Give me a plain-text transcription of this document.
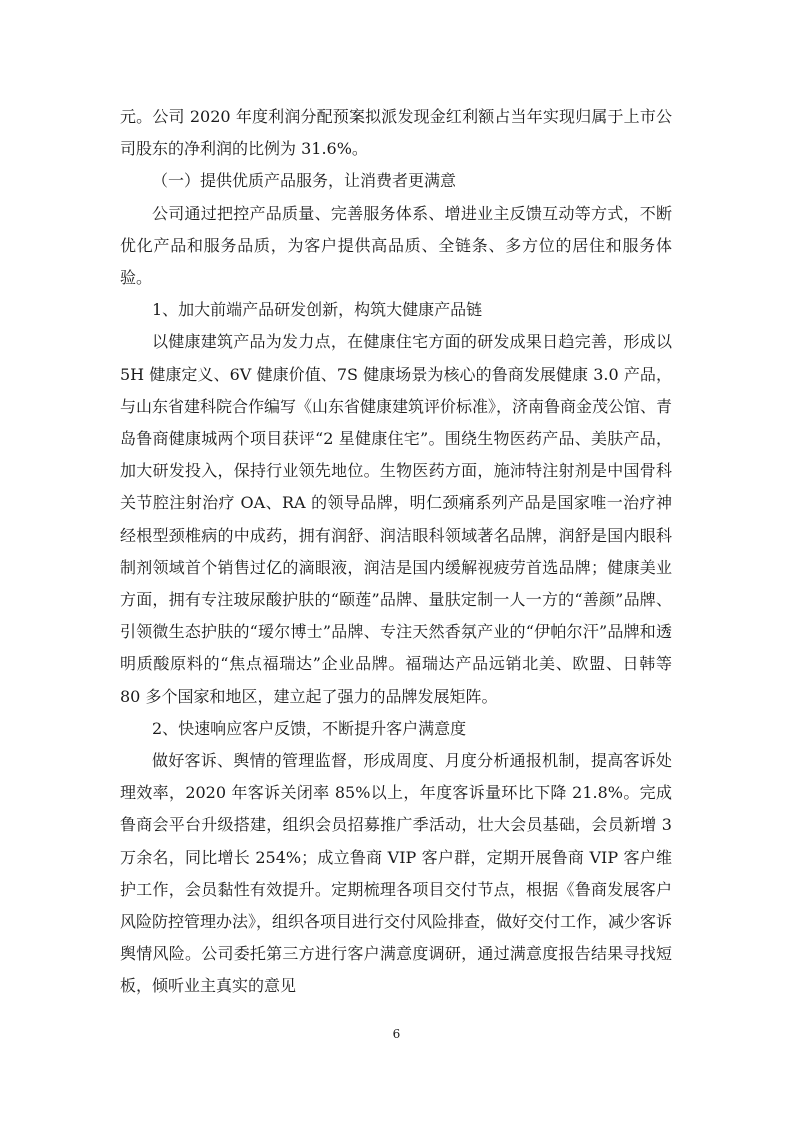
元。公司 2020 年度利润分配预案拟派发现金红利额占当年实现归属于上市公司股东的净利润的比例为 31.6%。

（一）提供优质产品服务，让消费者更满意

公司通过把控产品质量、完善服务体系、增进业主反馈互动等方式，不断优化产品和服务品质，为客户提供高品质、全链条、多方位的居住和服务体验。

1、加大前端产品研发创新，构筑大健康产品链

以健康建筑产品为发力点，在健康住宅方面的研发成果日趋完善，形成以 5H 健康定义、6V 健康价值、7S 健康场景为核心的鲁商发展健康 3.0 产品，与山东省建科院合作编写《山东省健康建筑评价标准》，济南鲁商金茂公馆、青岛鲁商健康城两个项目获评“2 星健康住宅”。围绕生物医药产品、美肤产品，加大研发投入，保持行业领先地位。生物医药方面，施沛特注射剂是中国骨科关节腔注射治疗 OA、RA 的领导品牌，明仁颈痛系列产品是国家唯一治疗神经根型颈椎病的中成药，拥有润舒、润洁眼科领域著名品牌，润舒是国内眼科制剂领域首个销售过亿的滴眼液，润洁是国内缓解视疲劳首选品牌；健康美业方面，拥有专注玻尿酸护肤的“颐莲”品牌、量肤定制一人一方的“善颜”品牌、引领微生态护肤的“瑷尔博士”品牌、专注天然香氛产业的“伊帕尔汗”品牌和透明质酸原料的“焦点福瑞达”企业品牌。福瑞达产品远销北美、欧盟、日韩等 80 多个国家和地区，建立起了强力的品牌发展矩阵。

2、快速响应客户反馈，不断提升客户满意度

做好客诉、舆情的管理监督，形成周度、月度分析通报机制，提高客诉处理效率，2020 年客诉关闭率 85%以上，年度客诉量环比下降 21.8%。完成鲁商会平台升级搭建，组织会员招募推广季活动，壮大会员基础，会员新增 3 万余名，同比增长 254%；成立鲁商 VIP 客户群，定期开展鲁商 VIP 客户维护工作，会员黏性有效提升。定期梳理各项目交付节点，根据《鲁商发展客户风险防控管理办法》，组织各项目进行交付风险排查，做好交付工作，减少客诉舆情风险。公司委托第三方进行客户满意度调研，通过满意度报告结果寻找短板，倾听业主真实的意见

6
